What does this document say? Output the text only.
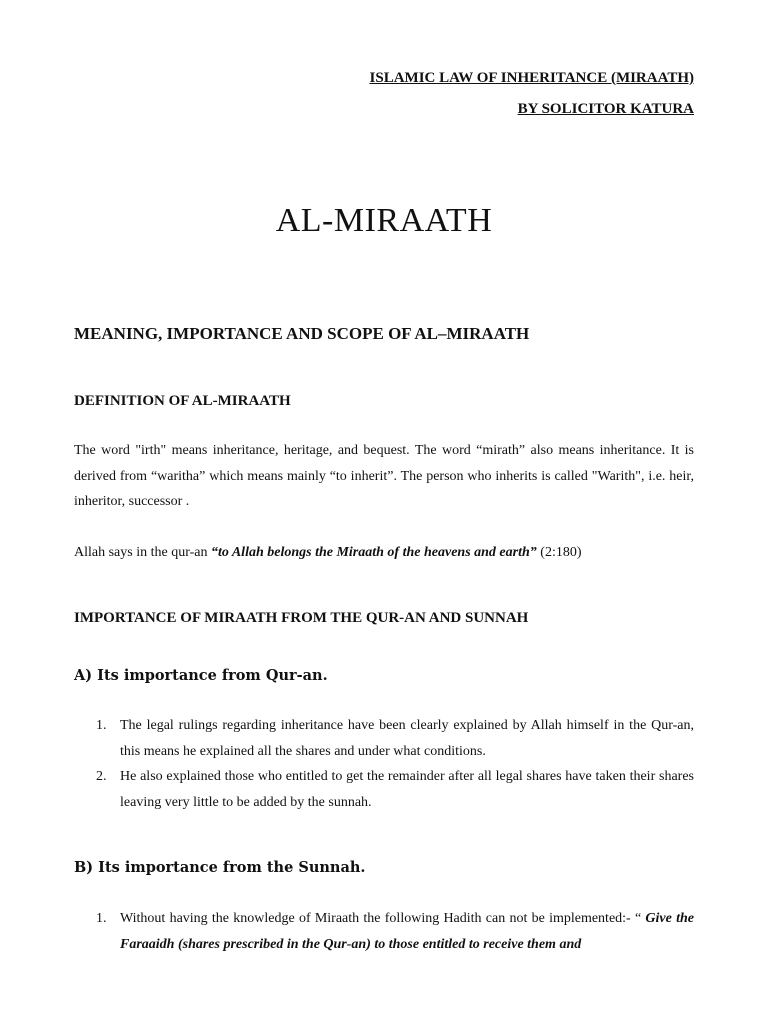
ISLAMIC LAW OF INHERITANCE (MIRAATH)
BY SOLICITOR KATURA
AL-MIRAATH
MEANING, IMPORTANCE AND SCOPE OF AL–MIRAATH
DEFINITION OF AL-MIRAATH
The word "irth" means inheritance, heritage, and bequest. The word “mirath” also means inheritance. It is derived from “waritha” which means mainly “to inherit”. The person who inherits is called "Warith", i.e. heir, inheritor, successor .
Allah says in the qur-an “to Allah belongs the Miraath of the heavens and earth” (2:180)
IMPORTANCE OF MIRAATH FROM THE QUR-AN AND SUNNAH
A) Its importance from Qur-an.
1. The legal rulings regarding inheritance have been clearly explained by Allah himself in the Qur-an, this means he explained all the shares and under what conditions.
2. He also explained those who entitled to get the remainder after all legal shares have taken their shares leaving very little to be added by the sunnah.
B) Its importance from the Sunnah.
1. Without having the knowledge of Miraath the following Hadith can not be implemented:- “ Give the Faraaidh (shares prescribed in the Qur-an) to those entitled to receive them and
